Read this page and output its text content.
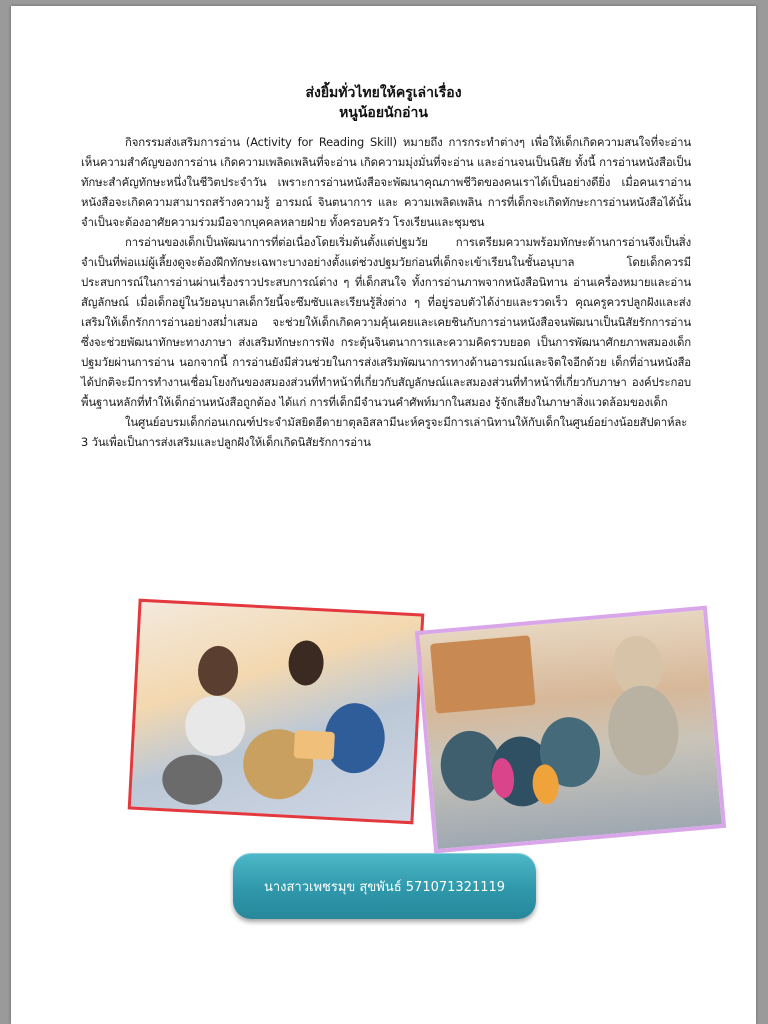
ส่งยิ้มทั่วไทยให้ครูเล่าเรื่อง
หนูน้อยนักอ่าน

กิจกรรมส่งเสริมการอ่าน (Activity for Reading Skill) หมายถึง การกระทำต่างๆ เพื่อให้เด็กเกิดความสนใจที่จะอ่าน เห็นความสำคัญของการอ่าน เกิดความเพลิดเพลินที่จะอ่าน เกิดความมุ่งมั่นที่จะอ่าน และอ่านจนเป็นนิสัย ทั้งนี้ การอ่านหนังสือเป็นทักษะสำคัญทักษะหนึ่งในชีวิตประจำวัน เพราะการอ่านหนังสือจะพัฒนาคุณภาพชีวิตของคนเราได้เป็นอย่างดียิ่ง เมื่อคนเราอ่านหนังสือจะเกิดความสามารถสร้างความรู้ อารมณ์ จินตนาการ และ ความเพลิดเพลิน การที่เด็กจะเกิดทักษะการอ่านหนังสือได้นั้นจำเป็นจะต้องอาศัยความร่วมมือจากบุคคลหลายฝ่าย ทั้งครอบครัว โรงเรียนและชุมชน

การอ่านของเด็กเป็นพัฒนาการที่ต่อเนื่องโดยเริ่มต้นตั้งแต่ปฐมวัย การเตรียมความพร้อมทักษะด้านการอ่านจึงเป็นสิ่งจำเป็นที่พ่อแม่ผู้เลี้ยงดูจะต้องฝึกทักษะเฉพาะบางอย่างตั้งแต่ช่วงปฐมวัยก่อนที่เด็กจะเข้าเรียนในชั้นอนุบาล โดยเด็กควรมีประสบการณ์ในการอ่านผ่านเรื่องราวประสบการณ์ต่าง ๆ ที่เด็กสนใจ ทั้งการอ่านภาพจากหนังสือนิทาน อ่านเครื่องหมายและอ่านสัญลักษณ์ เมื่อเด็กอยู่ในวัยอนุบาลเด็กวัยนี้จะซึมซับและเรียนรู้สิ่งต่าง ๆ ที่อยู่รอบตัวได้ง่ายและรวดเร็ว คุณครูควรปลูกฝังและส่งเสริมให้เด็กรักการอ่านอย่างสม่ำเสมอ จะช่วยให้เด็กเกิดความคุ้นเคยและเคยชินกับการอ่านหนังสือจนพัฒนาเป็นนิสัยรักการอ่าน ซึ่งจะช่วยพัฒนาทักษะทางภาษา ส่งเสริมทักษะการฟัง กระตุ้นจินตนาการและความคิดรวบยอด เป็นการพัฒนาศักยภาพสมองเด็กปฐมวัยผ่านการอ่าน นอกจากนี้ การอ่านยังมีส่วนช่วยในการส่งเสริมพัฒนาการทางด้านอารมณ์และจิตใจอีกด้วย เด็กที่อ่านหนังสือได้ปกติจะมีการทำงานเชื่อมโยงกันของสมองส่วนที่ทำหน้าที่เกี่ยวกับสัญลักษณ์และสมองส่วนที่ทำหน้าที่เกี่ยวกับภาษา องค์ประกอบพื้นฐานหลักที่ทำให้เด็กอ่านหนังสือถูกต้อง ได้แก่ การที่เด็กมีจำนวนคำศัพท์มากในสมอง รู้จักเสียงในภาษาสิ่งแวดล้อมของเด็ก

ในศูนย์อบรมเด็กก่อนเกณฑ์ประจำมัสยิดฮีดายาตุลอิสลามีนะห์ครูจะมีการเล่านิทานให้กับเด็กในศูนย์อย่างน้อยสัปดาห์ละ 3 วันเพื่อเป็นการส่งเสริมและปลูกฝังให้เด็กเกิดนิสัยรักการอ่าน

นางสาวเพชรมุข สุขพันธ์ 571071321119
